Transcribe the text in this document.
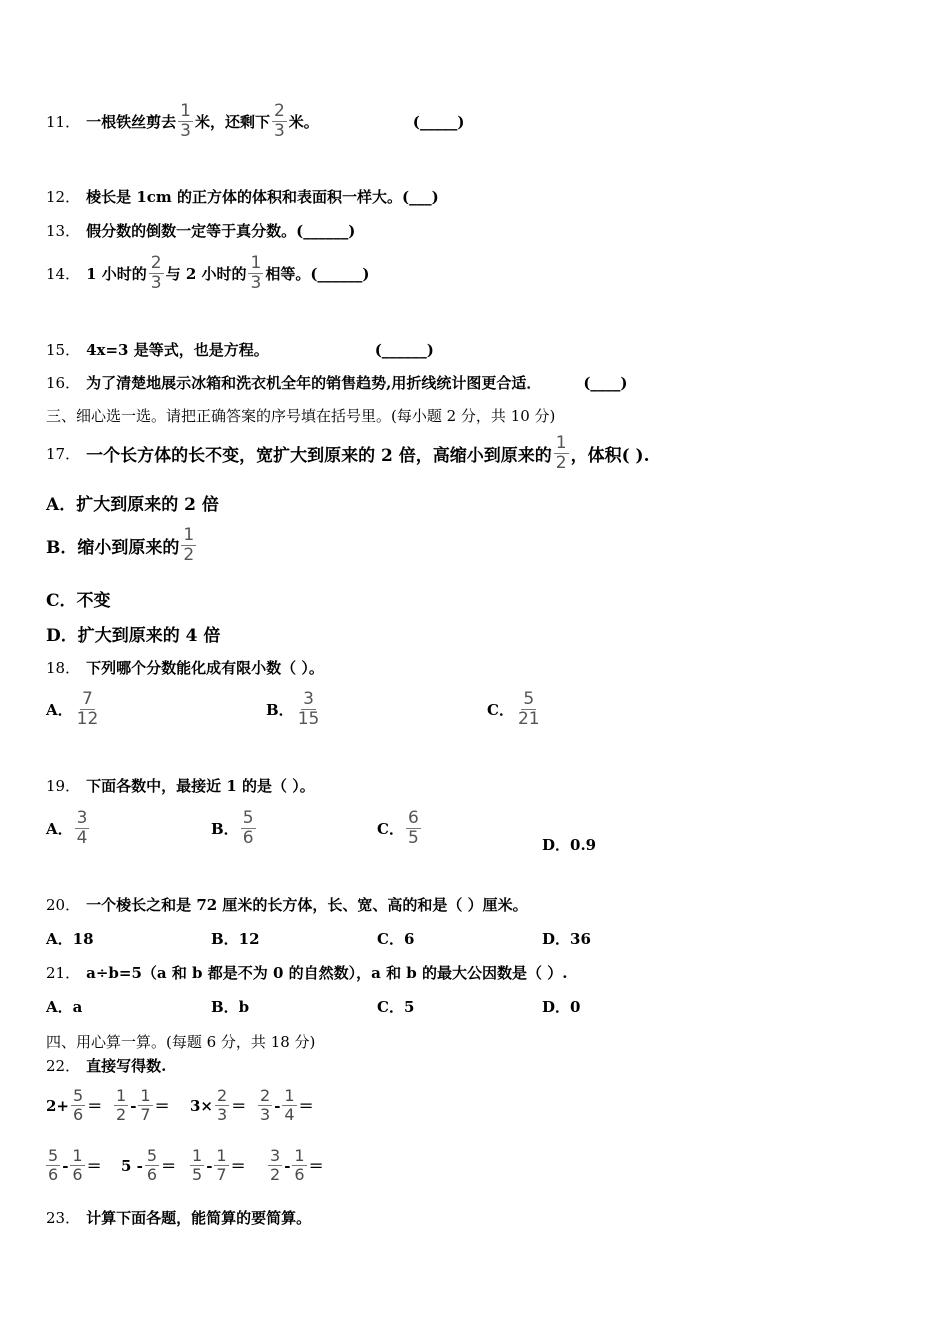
11． 一根铁丝剪去 $\frac{1}{3}$ 米，还剩下 $\frac{2}{3}$ 米。	(_____)
12． 棱长是 1cm 的正方体的体积和表面积一样大。 (___)
13． 假分数的倒数一定等于真分数。 (______)
14． 1 小时的 $\frac{2}{3}$ 与 2 小时的 $\frac{1}{3}$ 相等。 (______)
15． 4x=3 是等式，也是方程。	(______)
16． 为了清楚地展示冰箱和洗衣机全年的销售趋势,用折线统计图更合适．	(____)
三、细心选一选。请把正确答案的序号填在括号里。(每小题 2 分，共 10 分)
17． 一个长方体的长不变，宽扩大到原来的 2 倍，高缩小到原来的 $\frac{1}{2}$ ，体积( ).
A．扩大到原来的 2 倍
B．缩小到原来的 $\frac{1}{2}$
C．不变
D．扩大到原来的 4 倍
18． 下列哪个分数能化成有限小数（ ）。
A． $\frac{7}{12}$	B． $\frac{3}{15}$	C． $\frac{5}{21}$
19． 下面各数中，最接近 1 的是（ ）。
A． $\frac{3}{4}$	B． $\frac{5}{6}$	C． $\frac{6}{5}$	D．0.9
20． 一个棱长之和是 72 厘米的长方体，长、宽、高的和是（ ）厘米。
A．18	B．12	C．6	D．36
21． a÷b=5（a 和 b 都是不为 0 的自然数），a 和 b 的最大公因数是（ ）.
A．a	B．b	C．5	D．0
四、用心算一算。(每题 6 分，共 18 分)
22． 直接写得数.
$2+ \frac{5}{6} = \frac{1}{2} - \frac{1}{7} = 3\times \frac{2}{3} = \frac{2}{3} - \frac{1}{4}$ ＝
$\frac{5}{6} - \frac{1}{6} = 5 - \frac{5}{6} = \frac{1}{5} - \frac{1}{7} = \frac{3}{2} - \frac{1}{6}$ ＝
23． 计算下面各题，能简算的要简算。
